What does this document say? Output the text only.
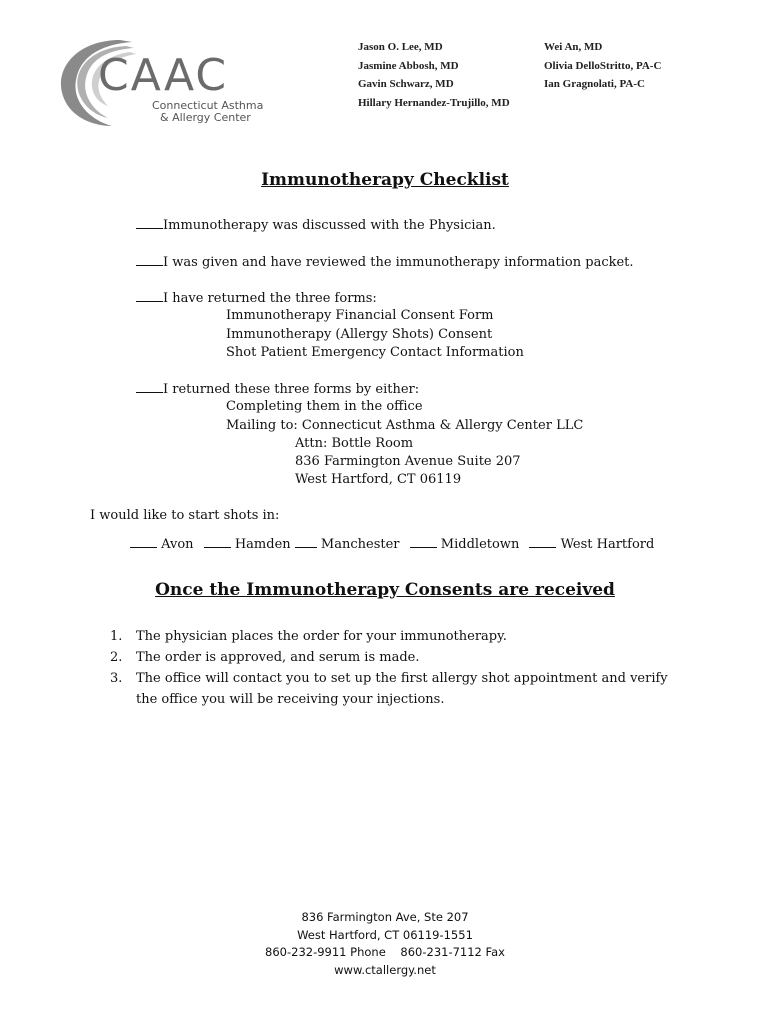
CAAC
Connecticut Asthma
& Allergy Center
Jason O. Lee, MD
Jasmine Abbosh, MD
Gavin Schwarz, MD
Hillary Hernandez-Trujillo, MD
Wei An, MD
Olivia DelloStritto, PA-C
Ian Gragnolati, PA-C
Immunotherapy Checklist
Immunotherapy was discussed with the Physician.
I was given and have reviewed the immunotherapy information packet.
I have returned the three forms:
Immunotherapy Financial Consent Form
Immunotherapy (Allergy Shots) Consent
Shot Patient Emergency Contact Information
I returned these three forms by either:
Completing them in the office
Mailing to: Connecticut Asthma & Allergy Center LLC
Attn: Bottle Room
836 Farmington Avenue Suite 207
West Hartford, CT 06119
I would like to start shots in:
Avon	Hamden Manchester	Middletown	West Hartford
Once the Immunotherapy Consents are received
1.	The physician places the order for your immunotherapy.
2.	The order is approved, and serum is made.
3.	The office will contact you to set up the first allergy shot appointment and verify the office you will be receiving your injections.
836 Farmington Ave, Ste 207
West Hartford, CT 06119-1551
860-232-9911 Phone 860-231-7112 Fax
www.ctallergy.net
